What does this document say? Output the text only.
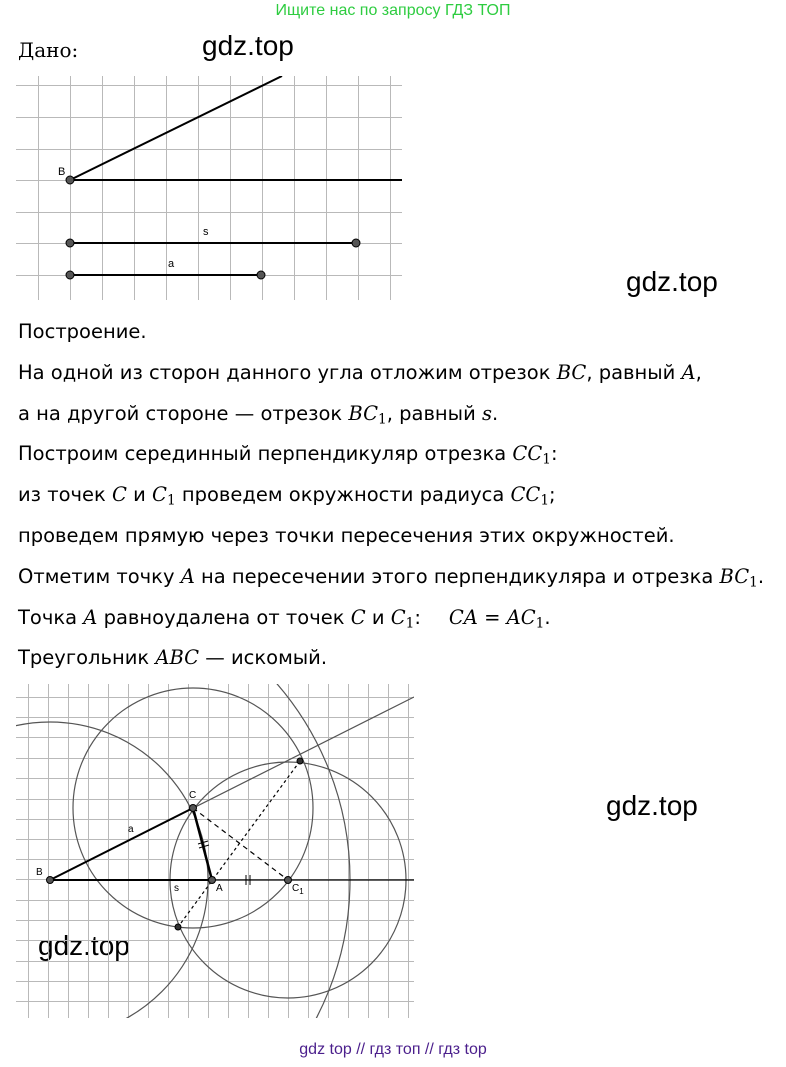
Ищите нас по запросу ГДЗ ТОП
Дано:	gdz.top
gdz.top
gdz.top
gdz.top
B
s
a
Построение.
На одной из сторон данного угла отложим отрезок BC, равный A,
а на другой стороне — отрезок $BC_1$, равный s.
Построим серединный перпендикуляр отрезка $CC_1$:
из точек C и $C_1$ проведем окружности радиуса $CC_1$;
проведем прямую через точки пересечения этих окружностей.
Отметим точку A на пересечении этого перпендикуляра и отрезка $BC_1$.
Точка A равноудалена от точек C и $C_1$: CA = $AC_1$.
Треугольник ABC — искомый.
B
C
A	$C_1$
a
s
gdz top // гдз топ // гдз top
